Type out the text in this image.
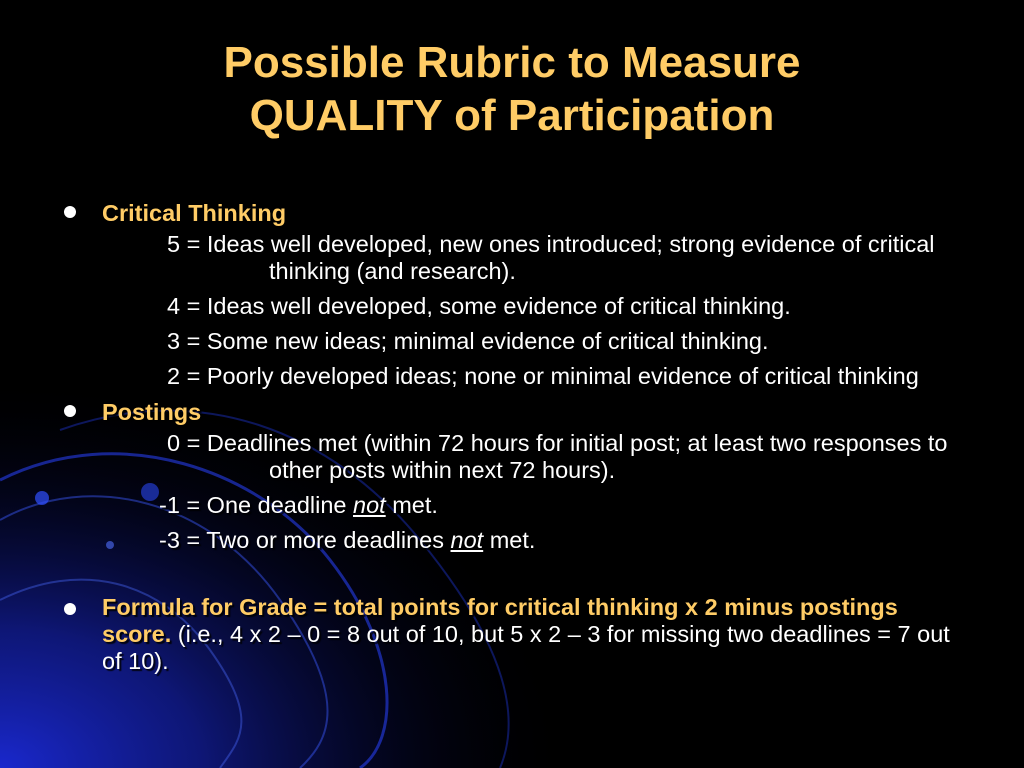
Possible Rubric to Measure
QUALITY of Participation
Critical Thinking
5 = Ideas well developed, new ones introduced; strong evidence of critical thinking (and research).
4 = Ideas well developed, some evidence of critical thinking.
3 = Some new ideas; minimal evidence of critical thinking.
2 = Poorly developed ideas; none or minimal evidence of critical thinking
Postings
0 = Deadlines met (within 72 hours for initial post; at least two responses to other posts within next 72 hours).
-1 = One deadline not met.
-3 = Two or more deadlines not met.
Formula for Grade = total points for critical thinking x 2 minus postings score. (i.e., 4 x 2 – 0 = 8 out of 10, but 5 x 2 – 3 for missing two deadlines = 7 out of 10).
